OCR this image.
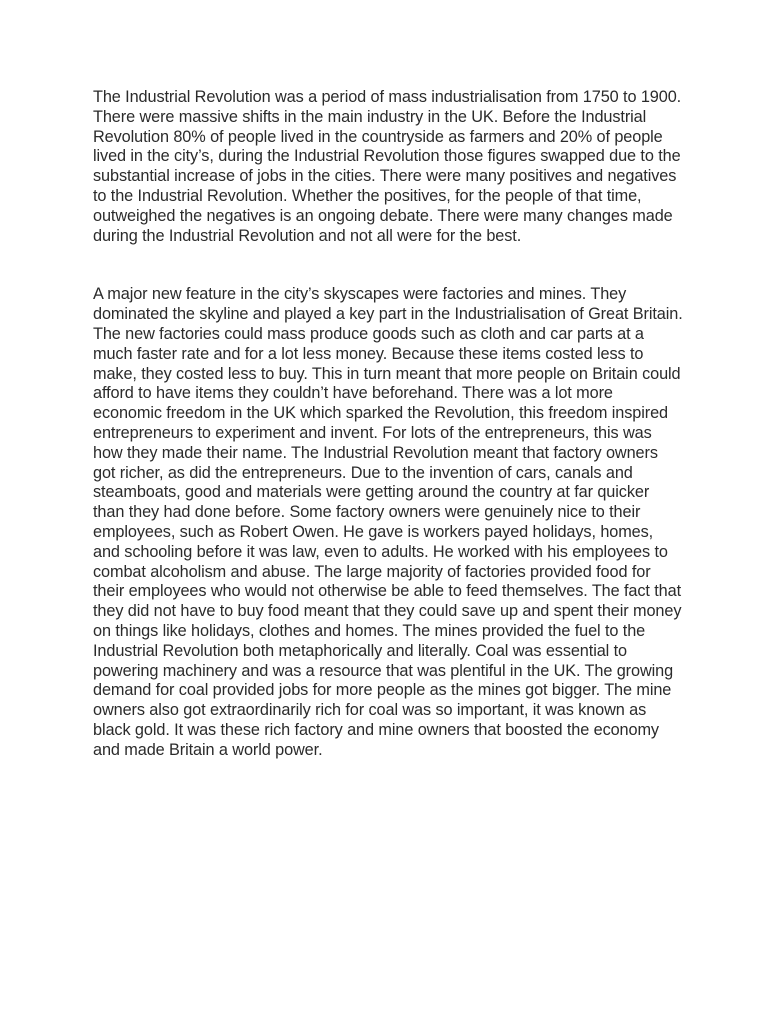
The Industrial Revolution was a period of mass industrialisation from 1750 to 1900. There were massive shifts in the main industry in the UK. Before the Industrial Revolution 80% of people lived in the countryside as farmers and 20% of people lived in the city’s, during the Industrial Revolution those figures swapped due to the substantial increase of jobs in the cities. There were many positives and negatives to the Industrial Revolution. Whether the positives, for the people of that time, outweighed the negatives is an ongoing debate. There were many changes made during the Industrial Revolution and not all were for the best.

A major new feature in the city’s skyscapes were factories and mines. They dominated the skyline and played a key part in the Industrialisation of Great Britain. The new factories could mass produce goods such as cloth and car parts at a much faster rate and for a lot less money. Because these items costed less to make, they costed less to buy. This in turn meant that more people on Britain could afford to have items they couldn’t have beforehand. There was a lot more economic freedom in the UK which sparked the Revolution, this freedom inspired entrepreneurs to experiment and invent. For lots of the entrepreneurs, this was how they made their name. The Industrial Revolution meant that factory owners got richer, as did the entrepreneurs. Due to the invention of cars, canals and steamboats, good and materials were getting around the country at far quicker than they had done before. Some factory owners were genuinely nice to their employees, such as Robert Owen. He gave is workers payed holidays, homes, and schooling before it was law, even to adults. He worked with his employees to combat alcoholism and abuse. The large majority of factories provided food for their employees who would not otherwise be able to feed themselves. The fact that they did not have to buy food meant that they could save up and spent their money on things like holidays, clothes and homes. The mines provided the fuel to the Industrial Revolution both metaphorically and literally. Coal was essential to powering machinery and was a resource that was plentiful in the UK. The growing demand for coal provided jobs for more people as the mines got bigger. The mine owners also got extraordinarily rich for coal was so important, it was known as black gold. It was these rich factory and mine owners that boosted the economy and made Britain a world power.
